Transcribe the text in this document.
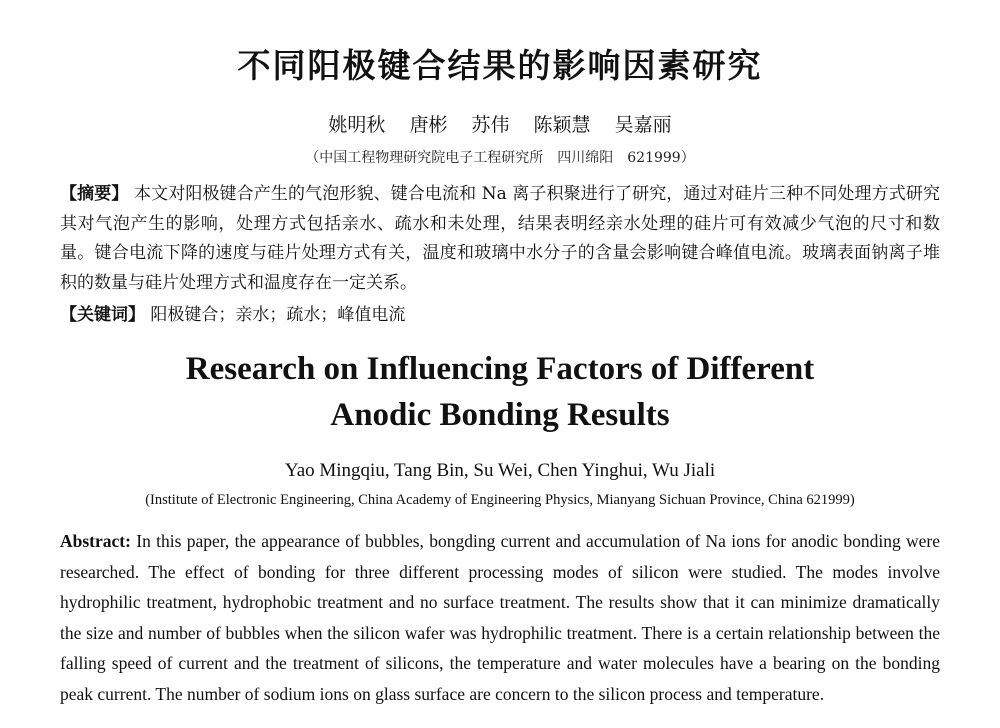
不同阳极键合结果的影响因素研究
姚明秋 唐彬 苏伟 陈颖慧 吴嘉丽
（中国工程物理研究院电子工程研究所　四川绵阳　621999）
【摘要】 本文对阳极键合产生的气泡形貌、键合电流和 Na 离子积聚进行了研究，通过对硅片三种不同处理方式研究其对气泡产生的影响，处理方式包括亲水、疏水和未处理，结果表明经亲水处理的硅片可有效减少气泡的尺寸和数量。键合电流下降的速度与硅片处理方式有关，温度和玻璃中水分子的含量会影响键合峰值电流。玻璃表面钠离子堆积的数量与硅片处理方式和温度存在一定关系。
【关键词】 阳极键合；亲水；疏水；峰值电流
Research on Influencing Factors of Different
Anodic Bonding Results
Yao Mingqiu, Tang Bin, Su Wei, Chen Yinghui, Wu Jiali
(Institute of Electronic Engineering, China Academy of Engineering Physics, Mianyang Sichuan Province, China 621999)
Abstract: In this paper, the appearance of bubbles, bongding current and accumulation of Na ions for anodic bonding were researched. The effect of bonding for three different processing modes of silicon were studied. The modes involve hydrophilic treatment, hydrophobic treatment and no surface treatment. The results show that it can minimize dramatically the size and number of bubbles when the silicon wafer was hydrophilic treatment. There is a certain relationship between the falling speed of current and the treatment of silicons, the temperature and water molecules have a bearing on the bonding peak current. The number of sodium ions on glass surface are concern to the silicon process and temperature.
